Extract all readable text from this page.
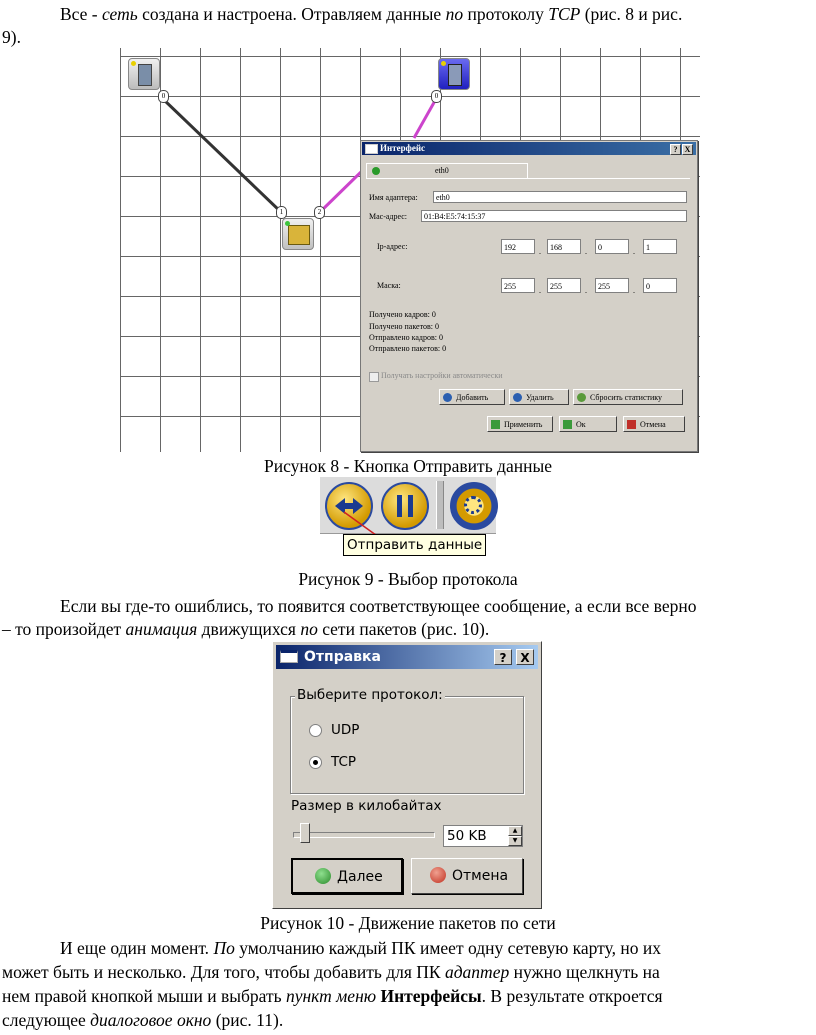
Все - сеть создана и настроена. Отравляем данные по протоколу TCP (рис. 8 и рис.
9).
0	0
1	2
Интерфейс	? X
eth0
Имя адаптера:	eth0
Мас-адрес:	01:B4:E5:74:15:37
Ip-адрес:	192	.	168	.	0	.	1
Маска:	255	.	255	.	255	.	0
Получено кадров: 0
Получено пакетов: 0
Отправлено кадров: 0
Отправлено пакетов: 0
Получать настройки автоматически
Добавить	Удалить	Сбросить статистику
Применить	Ок	Отмена
Рисунок 8 - Кнопка Отправить данные
Отправить данные
Рисунок 9 - Выбор протокола
Если вы где-то ошиблись, то появится соответствующее сообщение, а если все верно
– то произойдет анимация движущихся по сети пакетов (рис. 10).
Отправка	?	X
Выберите протокол:
UDP
TCP
Размер в килобайтах
50 KB	▲
▼
Далее	Отмена
Рисунок 10 - Движение пакетов по сети
И еще один момент. По умолчанию каждый ПК имеет одну сетевую карту, но их
может быть и несколько. Для того, чтобы добавить для ПК адаптер нужно щелкнуть на
нем правой кнопкой мыши и выбрать пункт меню Интерфейсы. В результате откроется
следующее диалоговое окно (рис. 11).
